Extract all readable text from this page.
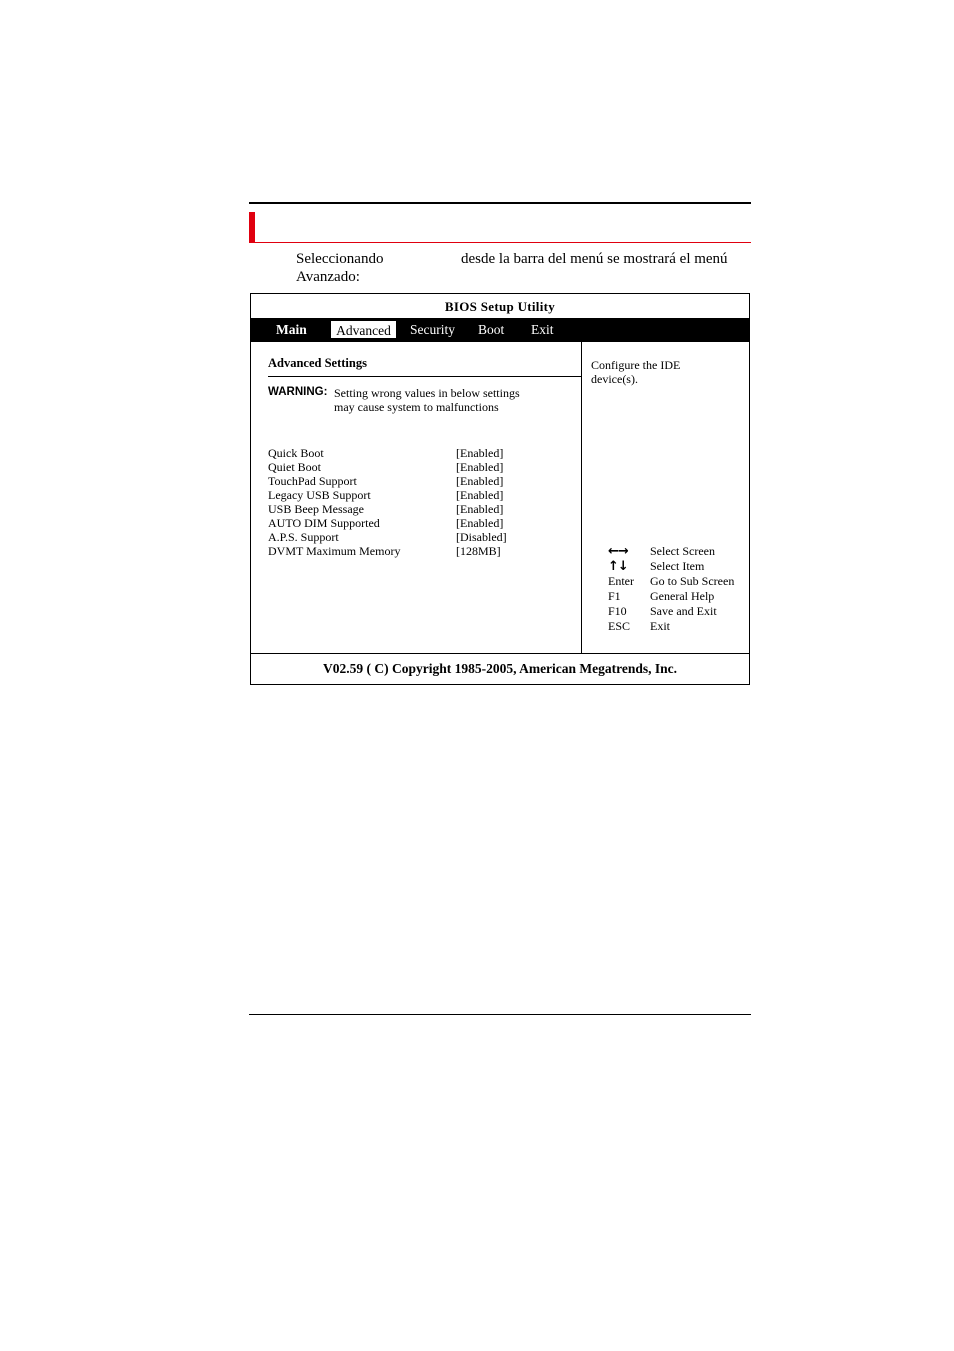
Seleccionando	desde la barra del menú se mostrará el menú
Avanzado:
BIOS Setup Utility
Main	Advanced	Security Boot Exit
Advanced Settings
WARNING: Setting wrong values in below settings
may cause system to malfunctions
Quick Boot	[Enabled]
Quiet Boot	[Enabled]
TouchPad Support	[Enabled]
Legacy USB Support	[Enabled]
USB Beep Message	[Enabled]
AUTO DIM Supported	[Enabled]
A.P.S. Support	[Disabled]
DVMT Maximum Memory	[128MB]
Configure the IDE
device(s).
←→	Select Screen
↑↓	Select Item
Enter	Go to Sub Screen
F1	General Help
F10	Save and Exit
ESC	Exit
V02.59 ( C) Copyright 1985-2005, American Megatrends, Inc.
